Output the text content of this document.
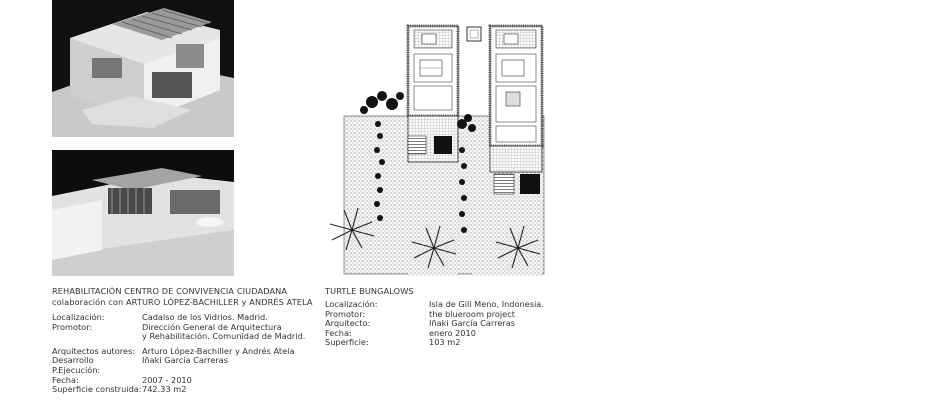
REHABILITACIÓN CENTRO DE CONVIVENCIA CIUDADANA
colaboración con ARTURO LÓPEZ-BACHILLER y ANDRÉS ATELA
Localización:	Cadalso de los Vidrios. Madrid.
Promotor:	Dirección General de Arquitectura
y Rehabilitación. Comunidad de Madrid.
Arquitectos autores: Arturo López-Bachiller y Andrés Atela
Desarrollo P.Ejecución:
Iñaki García Carreras
Fecha:	2007 - 2010
Superficie construida: 742.33 m2
TURTLE BUNGALOWS
Localización:	Isla de Gili Meno, Indonesia.
Promotor:	the blueroom project
Arquitecto:	Iñaki García Carreras
Fecha:	enero 2010
Superficie:	103 m2
